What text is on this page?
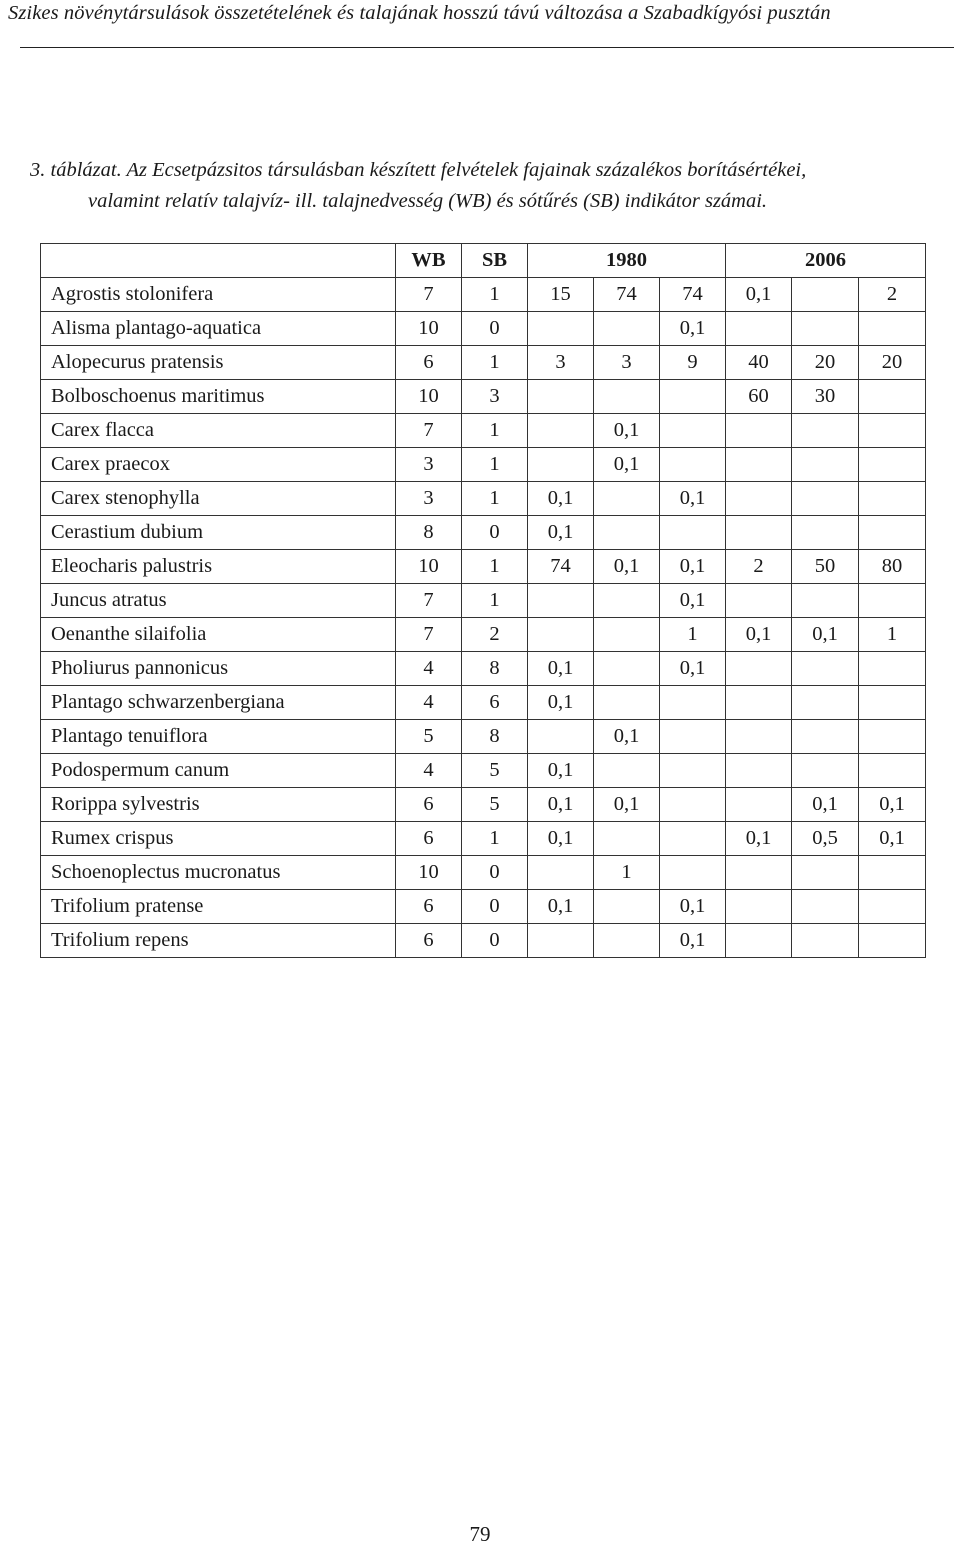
Szikes növénytársulások összetételének és talajának hosszú távú változása a Szabadkígyósi pusztán
3. táblázat. Az Ecsetpázsitos társulásban készített felvételek fajainak százalékos borításértékei,
valamint relatív talajvíz- ill. talajnedvesség (WB) és sótűrés (SB) indikátor számai.
	WB	SB	1980			2006		
Agrostis stolonifera	7	1	15	74	74	0,1		2
Alisma plantago-aquatica	10	0			0,1			
Alopecurus pratensis	6	1	3	3	9	40	20	20
Bolboschoenus maritimus	10	3				60	30	
Carex flacca	7	1		0,1				
Carex praecox	3	1		0,1				
Carex stenophylla	3	1	0,1		0,1			
Cerastium dubium	8	0	0,1					
Eleocharis palustris	10	1	74	0,1	0,1	2	50	80
Juncus atratus	7	1			0,1			
Oenanthe silaifolia	7	2			1	0,1	0,1	1
Pholiurus pannonicus	4	8	0,1		0,1			
Plantago schwarzenbergiana	4	6	0,1					
Plantago tenuiflora	5	8		0,1				
Podospermum canum	4	5	0,1					
Rorippa sylvestris	6	5	0,1	0,1			0,1	0,1
Rumex crispus	6	1	0,1			0,1	0,5	0,1
Schoenoplectus mucronatus	10	0		1				
Trifolium pratense	6	0	0,1		0,1			
Trifolium repens	6	0			0,1			
79
